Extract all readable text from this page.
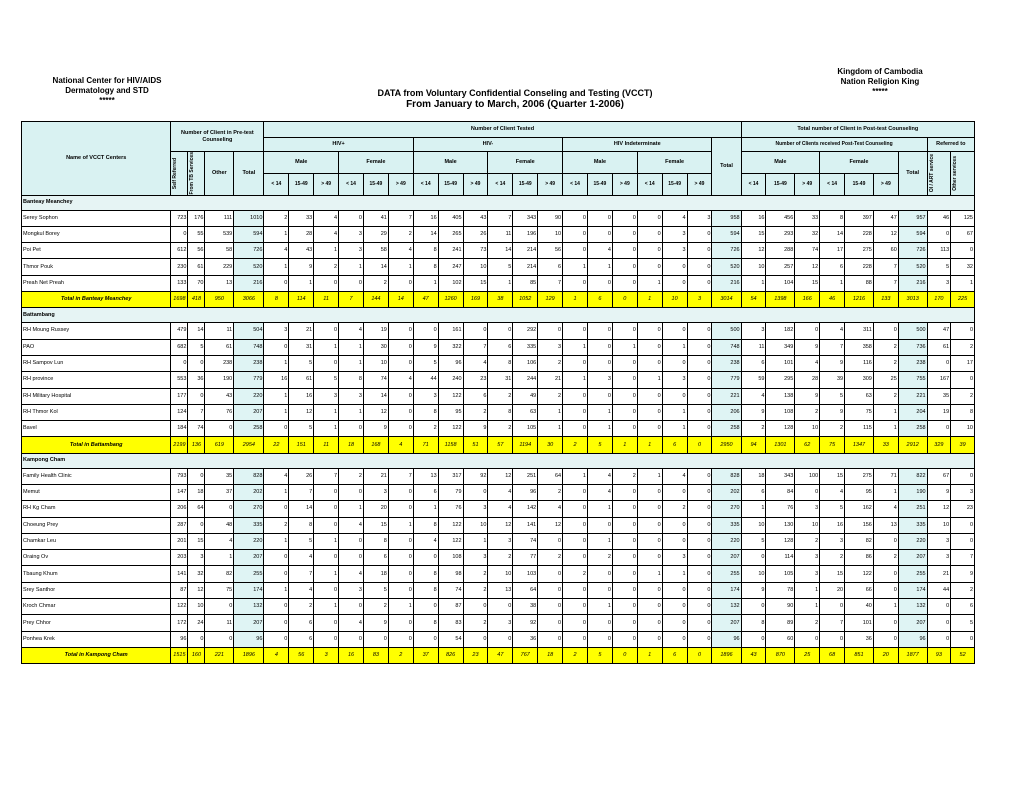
National Center for HIV/AIDS
Dermatology and STD
*****
Kingdom of Cambodia
Nation Religion King
*****
DATA from Voluntary Confidential Conseling and Testing (VCCT)
From January to March, 2006 (Quarter 1-2006)
Name of VCCT Centers	Number of Client in Pre-test Counseling				Number of Client Tested																			Total number of Client in Post-test Counseling								
					HIV+						HIV-						HIV Indeterminate						Total	Number of Clients received Post-Test Counseling							Referred to	

	Self Referred	From TB Services	Other	Total	Male			Female			Male			Female			Male			Female				Male			Female			Total	OI / ART service	Other services

					< 14	15-49	> 49	< 14	15-49	> 49	< 14	15-49	> 49	< 14	15-49	> 49	< 14	15-49	> 49	< 14	15-49	> 49		< 14	15-49	> 49	< 14	15-49	> 49			
Banteay Meanchey																																
Serey Sophon	723	176	111	1010	2	33	4	0	41	7	16	405	43	7	343	90	0	0	0	0	4	3	958	16	456	33	8	397	47	957	46	125
Mongkul Borey	0	55	539	594	1	28	4	3	29	2	14	265	26	11	196	10	0	0	0	0	3	0	594	15	293	32	14	228	12	594	0	67
Poi Pet	612	56	58	726	4	43	1	3	58	4	8	241	73	14	214	56	0	4	0	0	3	0	726	12	288	74	17	275	60	726	113	0
Thmor Pouk	230	61	229	520	1	9	2	1	14	1	8	247	10	5	214	6	1	1	0	0	0	0	520	10	257	12	6	228	7	520	5	32
Preah Net Preah	133	70	13	216	0	1	0	0	2	0	1	102	15	1	85	7	0	0	0	1	0	0	216	1	104	15	1	88	7	216	3	1
Total in Banteay Meanchey	1698	418	950	3066	8	114	11	7	144	14	47	1260	169	38	1052	129	1	6	0	1	10	3	3014	54	1398	166	46	1216	133	3013	170	225
Battambang																																
RH Moung Russey	479	14	11	504	3	21	0	4	19	0	0	161	0	0	292	0	0	0	0	0	0	0	500	3	182	0	4	311	0	500	47	0
PAO	682	5	61	748	0	31	1	1	30	0	9	322	7	6	335	3	1	0	1	0	1	0	748	11	349	9	7	358	2	736	61	2
RH Sampov Lun	0	0	238	238	1	5	0	1	10	0	5	96	4	8	106	2	0	0	0	0	0	0	238	6	101	4	9	116	2	238	0	17
RH province	553	36	190	779	16	61	5	8	74	4	44	240	23	31	244	21	1	3	0	1	3	0	779	59	295	28	39	309	25	755	167	0
RH Military Hospital	177	0	43	220	1	16	3	3	14	0	3	122	6	2	49	2	0	0	0	0	0	0	221	4	138	9	5	63	2	221	35	2
RH Thmor Kol	124	7	76	207	1	12	1	1	12	0	8	95	2	8	63	1	0	1	0	0	1	0	206	9	108	2	9	75	1	204	19	8
Bavel	184	74	0	258	0	5	1	0	9	0	2	122	9	2	105	1	0	1	0	0	1	0	258	2	128	10	2	115	1	258	0	10
Total in Battambang	2199	136	619	2954	22	151	11	18	168	4	71	1158	51	57	1194	30	2	5	1	1	6	0	2950	94	1301	62	75	1347	33	2912	329	39
Kampong Cham																																
Family Health Clinic	793	0	35	828	4	26	7	2	21	7	13	317	92	12	251	64	1	4	2	1	4	0	828	18	343	100	15	275	71	822	67	0
Memut	147	18	37	202	1	7	0	0	3	0	6	79	0	4	96	2	0	4	0	0	0	0	202	6	84	0	4	95	1	190	9	3
RH Kg Cham	206	64	0	270	0	14	0	1	20	0	1	76	3	4	142	4	0	1	0	0	2	0	270	1	76	3	5	162	4	251	12	23
Choeung Prey	287	0	48	335	2	8	0	4	15	1	8	122	10	12	141	12	0	0	0	0	0	0	335	10	130	10	16	156	13	335	10	0
Chamkar Leu	201	15	4	220	1	5	1	0	8	0	4	122	1	3	74	0	0	1	0	0	0	0	220	5	128	2	3	82	0	220	3	0
Oraing Ov	203	3	1	207	0	4	0	0	6	0	0	108	3	2	77	2	0	2	0	0	3	0	207	0	114	3	2	86	2	207	3	7
Tbaung Khum	141	32	82	255	0	7	1	4	18	0	8	98	2	10	103	0	2	0	0	1	1	0	255	10	105	3	15	122	0	255	21	9
Srey Santhor	87	12	75	174	1	4	0	3	5	0	8	74	2	13	64	0	0	0	0	0	0	0	174	9	78	1	20	66	0	174	44	2
Kroch Chmar	122	10	0	132	0	2	1	0	2	1	0	87	0	0	38	0	0	1	0	0	0	0	132	0	90	1	0	40	1	132	0	6
Prey Chhor	172	24	11	207	0	6	0	4	9	0	8	83	2	3	92	0	0	0	0	0	0	0	207	8	89	2	7	101	0	207	0	5
Ponhea Krek	96	0	0	96	0	6	0	0	0	0	0	54	0	0	36	0	0	0	0	0	0	0	96	0	60	0	0	36	0	96	0	0
Total in Kampong Cham	1515	160	221	1896	4	56	3	16	83	2	37	826	23	47	767	18	2	5	0	1	6	0	1896	43	870	25	68	851	20	1877	93	52
